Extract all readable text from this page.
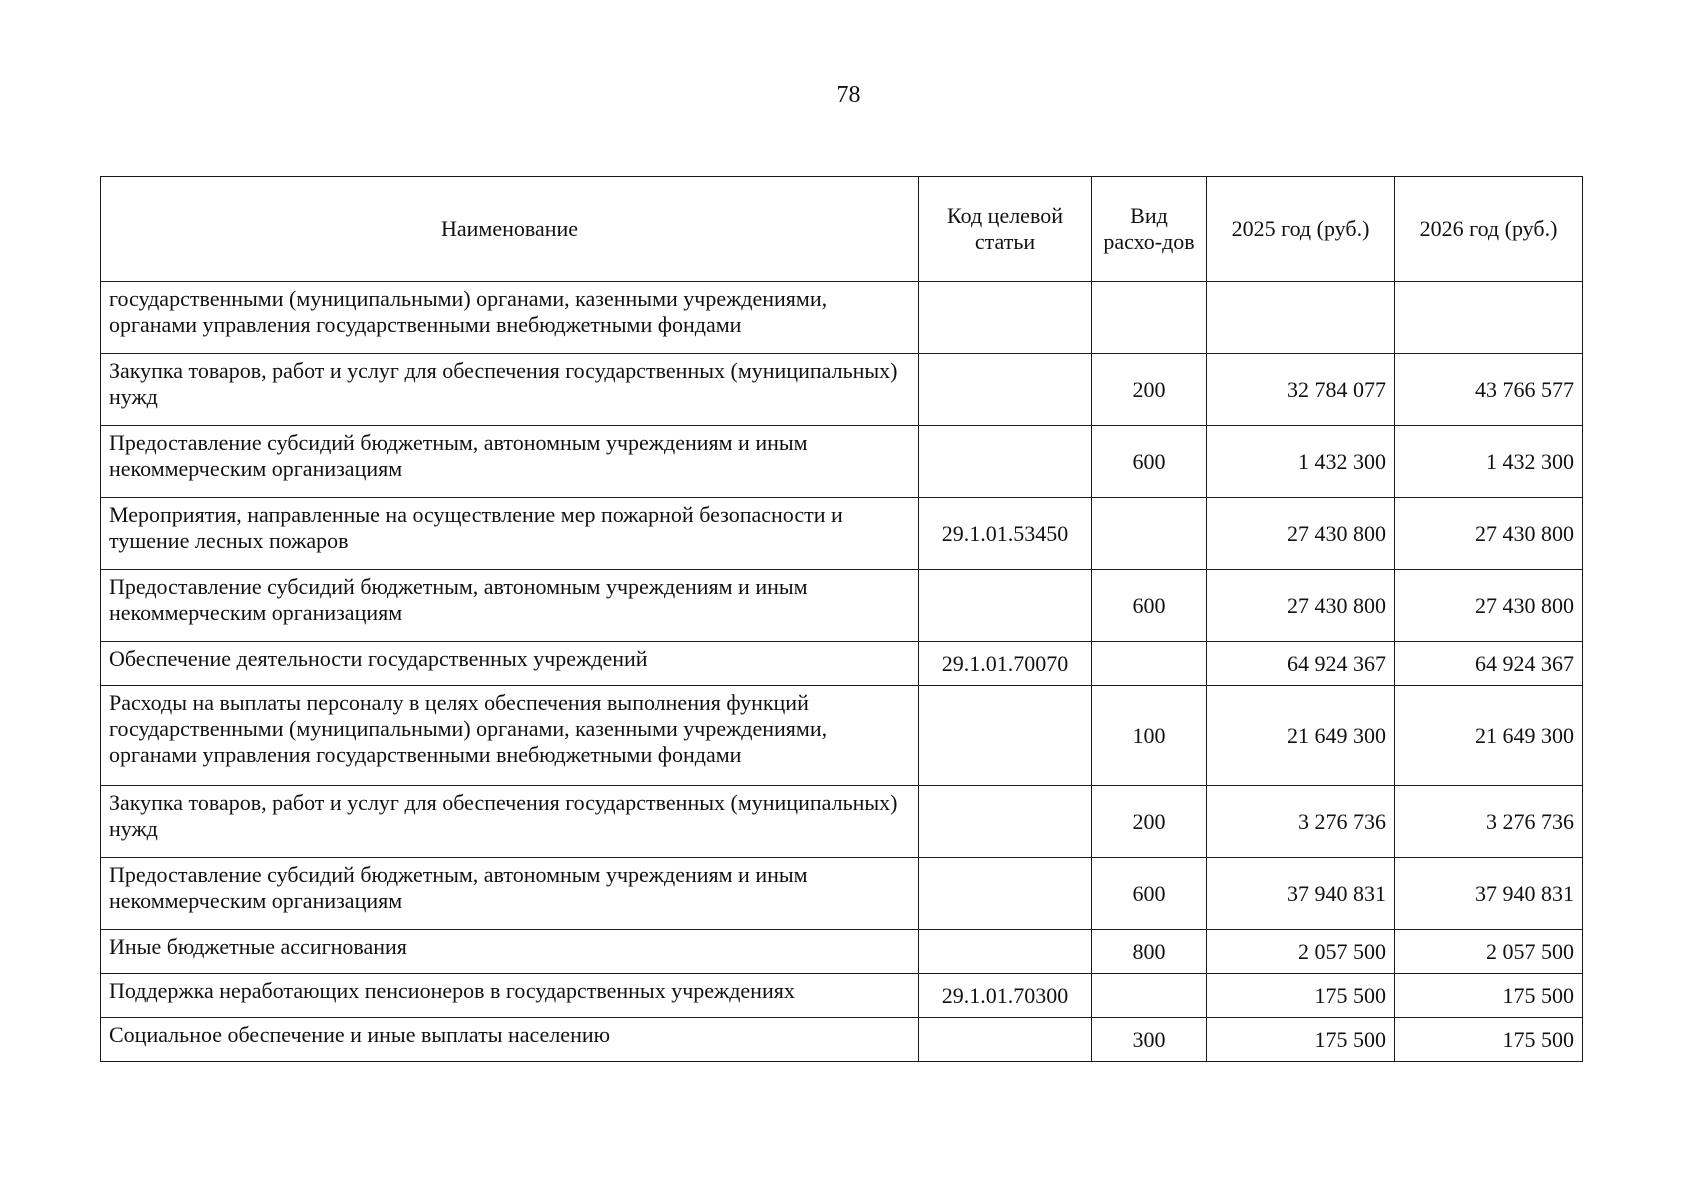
78
Наименование	Код целевой статьи	Вид расхо-дов	2025 год (руб.)	2026 год (руб.)
государственными (муниципальными) органами, казенными учреждениями, органами управления государственными внебюджетными фондами				
Закупка товаров, работ и услуг для обеспечения государственных (муниципальных) нужд		200	32 784 077	43 766 577
Предоставление субсидий бюджетным, автономным учреждениям и иным некоммерческим организациям		600	1 432 300	1 432 300
Мероприятия, направленные на осуществление мер пожарной безопасности и тушение лесных пожаров	29.1.01.53450		27 430 800	27 430 800
Предоставление субсидий бюджетным, автономным учреждениям и иным некоммерческим организациям		600	27 430 800	27 430 800
Обеспечение деятельности государственных учреждений	29.1.01.70070		64 924 367	64 924 367
Расходы на выплаты персоналу в целях обеспечения выполнения функций государственными (муниципальными) органами, казенными учреждениями, органами управления государственными внебюджетными фондами		100	21 649 300	21 649 300
Закупка товаров, работ и услуг для обеспечения государственных (муниципальных) нужд		200	3 276 736	3 276 736
Предоставление субсидий бюджетным, автономным учреждениям и иным некоммерческим организациям		600	37 940 831	37 940 831
Иные бюджетные ассигнования		800	2 057 500	2 057 500
Поддержка неработающих пенсионеров в государственных учреждениях	29.1.01.70300		175 500	175 500
Социальное обеспечение и иные выплаты населению		300	175 500	175 500
